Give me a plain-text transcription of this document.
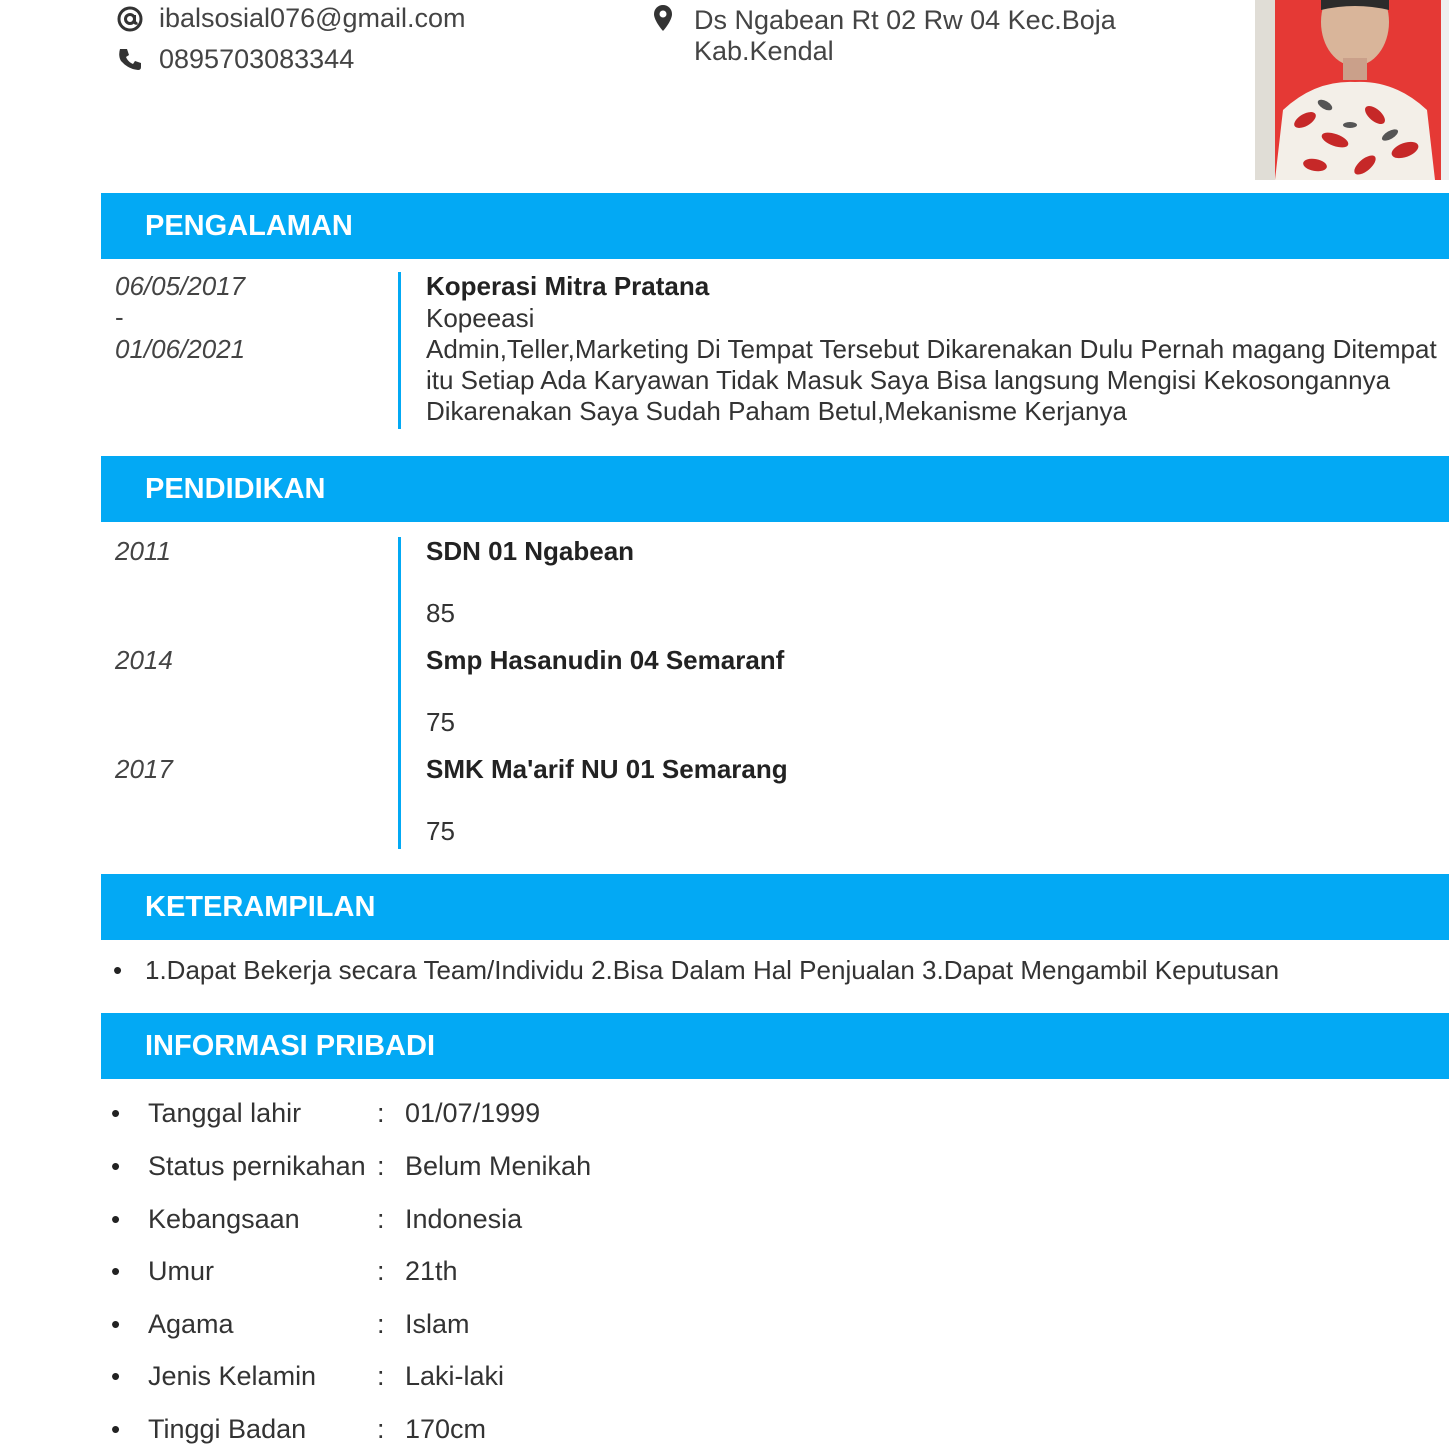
ibalsosial076@gmail.com
0895703083344
Ds Ngabean Rt 02 Rw 04 Kec.Boja
Kab.Kendal
PENGALAMAN
06/05/2017
-
01/06/2021
Koperasi Mitra Pratana
Kopeeasi
Admin,Teller,Marketing Di Tempat Tersebut Dikarenakan Dulu Pernah magang Ditempat
itu Setiap Ada Karyawan Tidak Masuk Saya Bisa langsung Mengisi Kekosongannya
Dikarenakan Saya Sudah Paham Betul,Mekanisme Kerjanya
PENDIDIKAN
2011	SDN 01 Ngabean
85
2014	Smp Hasanudin 04 Semaranf
75
2017	SMK Ma'arif NU 01 Semarang
75
KETERAMPILAN
• 1.Dapat Bekerja secara Team/Individu 2.Bisa Dalam Hal Penjualan 3.Dapat Mengambil Keputusan
INFORMASI PRIBADI
• Tanggal lahir	: 01/07/1999
• Status pernikahan : Belum Menikah
• Kebangsaan	: Indonesia
• Umur	: 21th
• Agama	: Islam
• Jenis Kelamin : Laki-laki
• Tinggi Badan	: 170cm
